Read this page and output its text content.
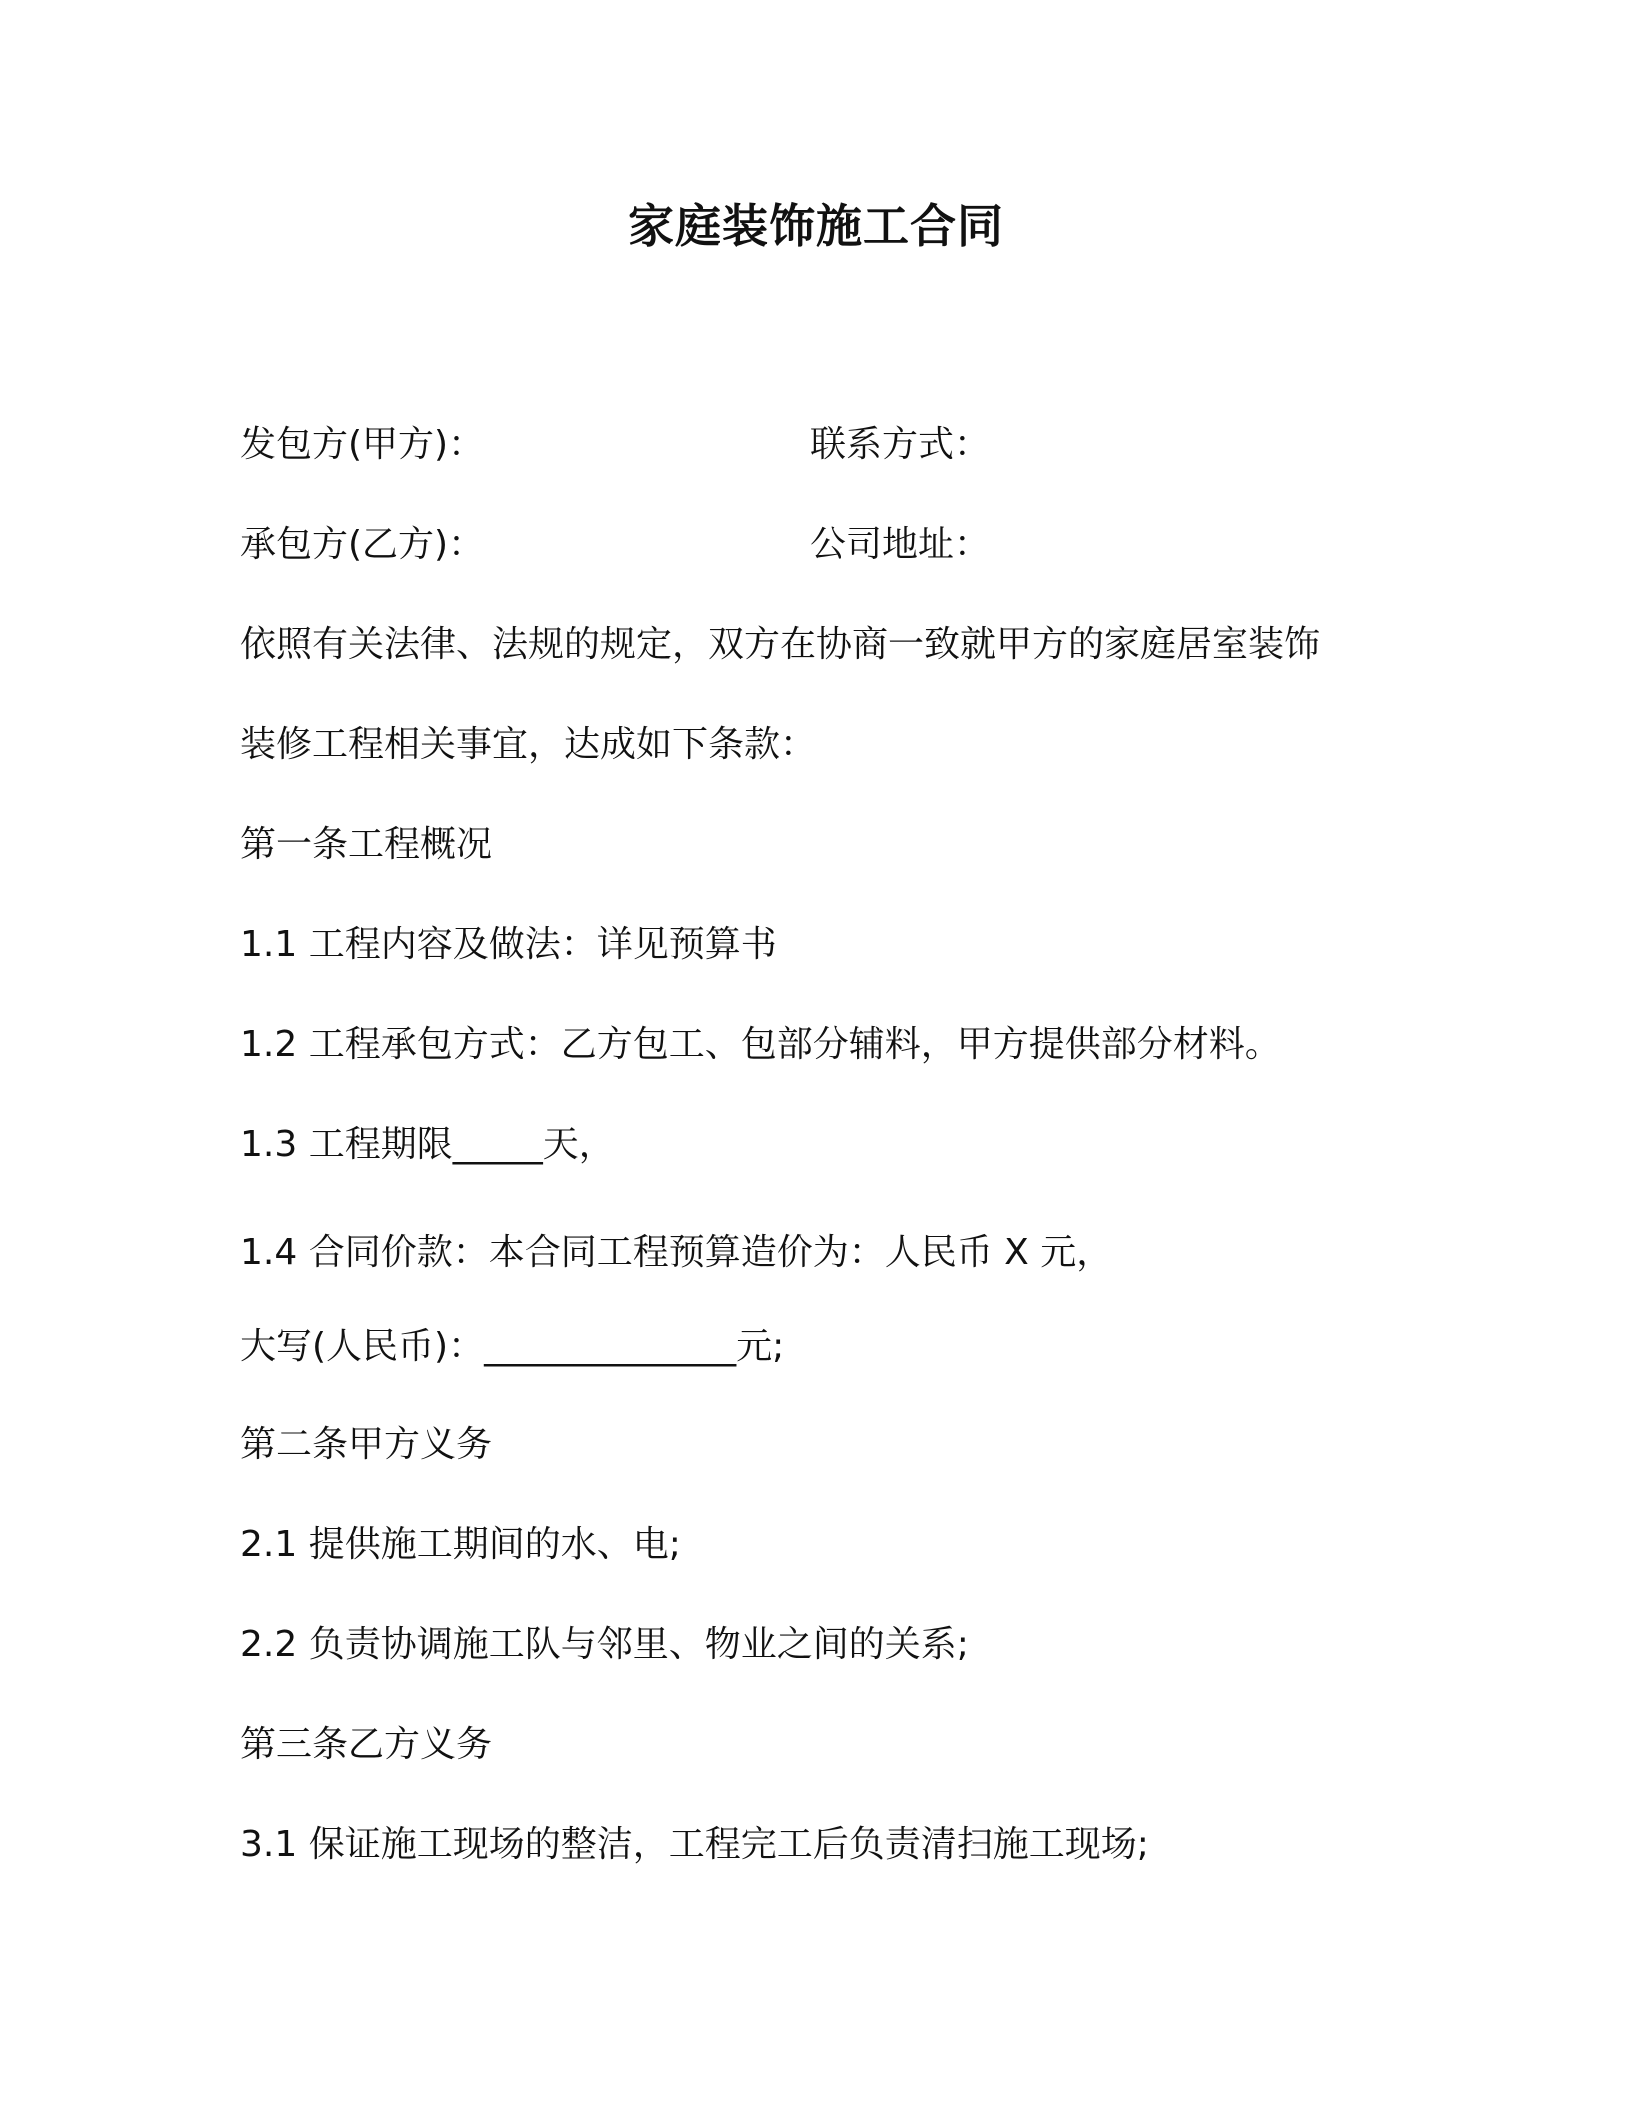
家庭装饰施工合同
发包方(甲方)：	联系方式：
承包方(乙方)：	公司地址：
依照有关法律、法规的规定，双方在协商一致就甲方的家庭居室装饰
装修工程相关事宜，达成如下条款：
第一条工程概况
1.1 工程内容及做法：详见预算书
1.2 工程承包方式：乙方包工、包部分辅料，甲方提供部分材料。
1.3 工程期限_____天，
1.4 合同价款：本合同工程预算造价为：人民币 X 元，
大写(人民币)：______________元;
第二条甲方义务
2.1 提供施工期间的水、电;
2.2 负责协调施工队与邻里、物业之间的关系;
第三条乙方义务
3.1 保证施工现场的整洁，工程完工后负责清扫施工现场;
